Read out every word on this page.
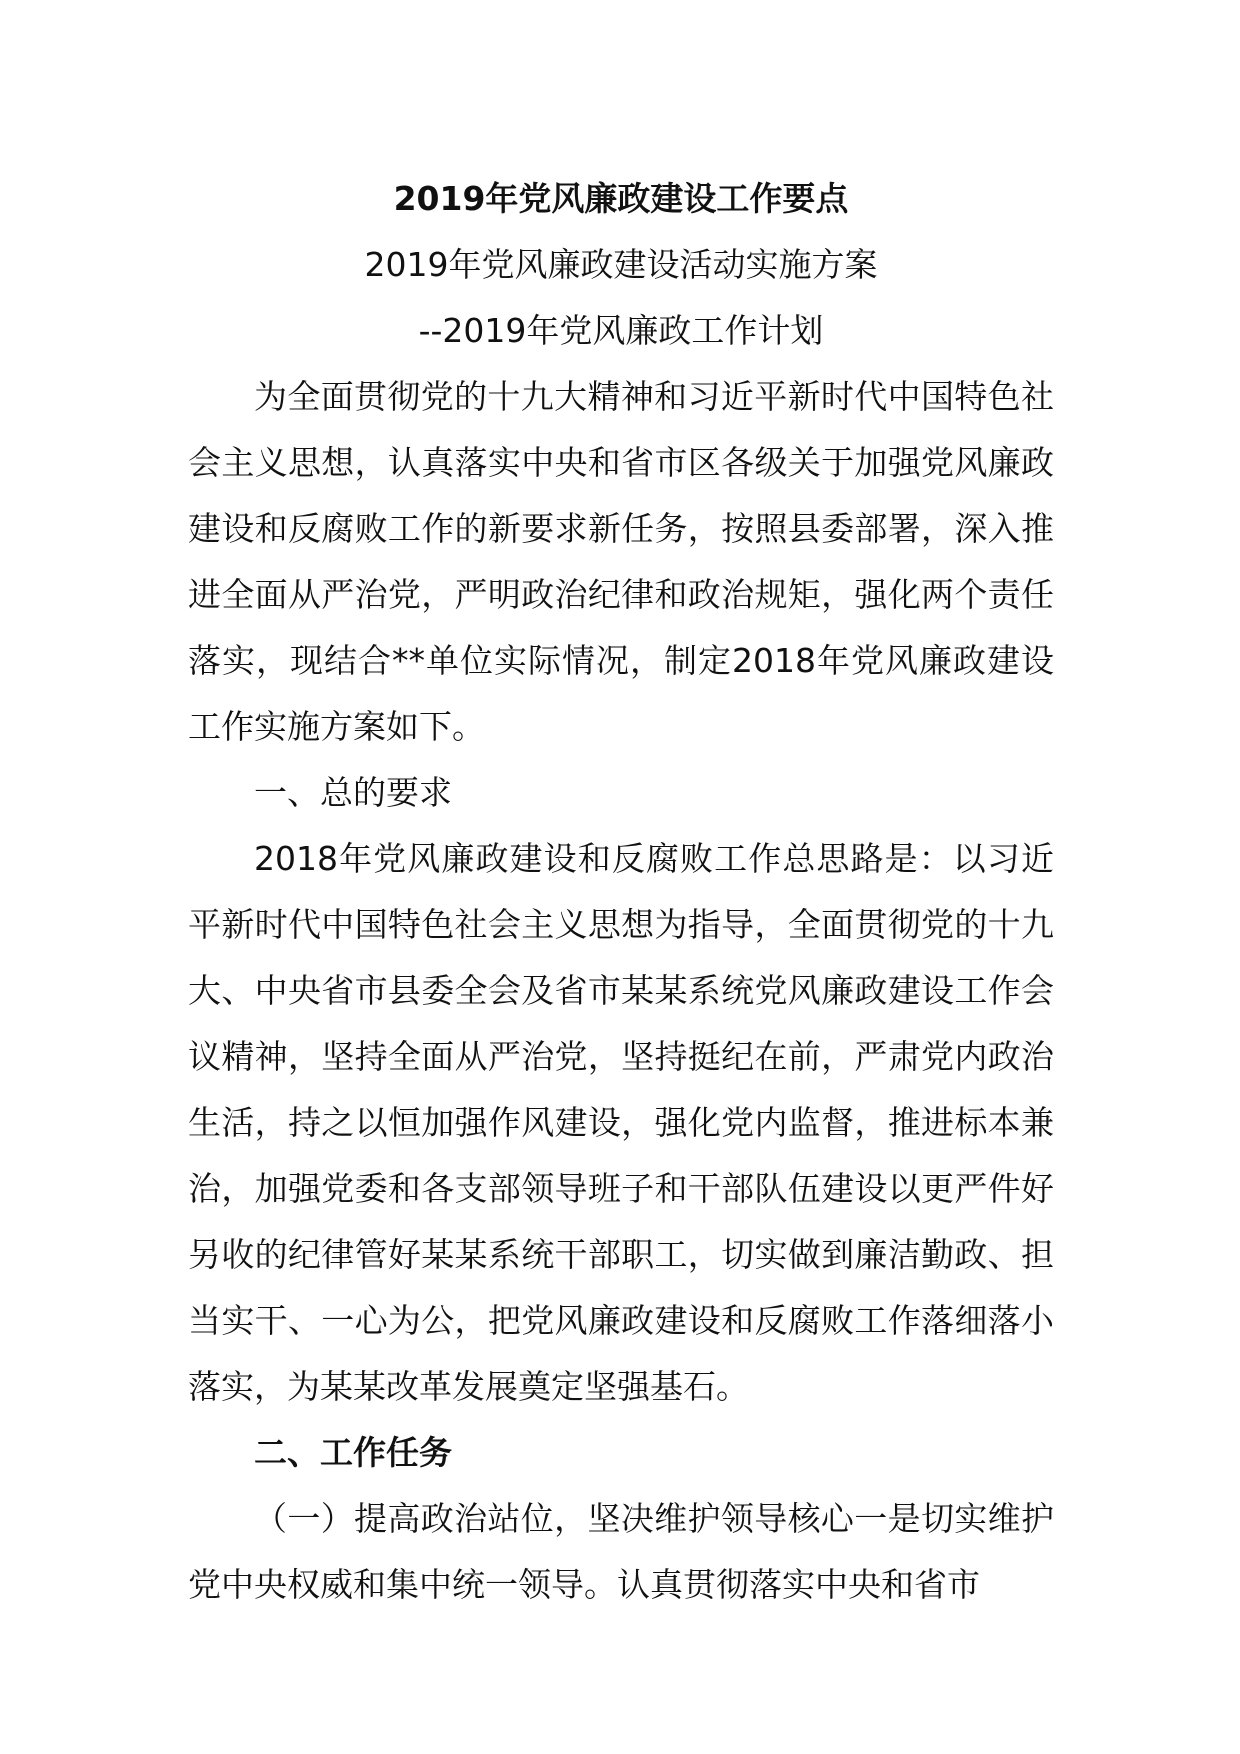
2019年党风廉政建设工作要点

2019年党风廉政建设活动实施方案

--2019年党风廉政工作计划

为全面贯彻党的十九大精神和习近平新时代中国特色社会主义思想，认真落实中央和省市区各级关于加强党风廉政建设和反腐败工作的新要求新任务，按照县委部署，深入推进全面从严治党，严明政治纪律和政治规矩，强化两个责任落实，现结合**单位实际情况，制定2018年党风廉政建设工作实施方案如下。

一、总的要求

2018年党风廉政建设和反腐败工作总思路是：以习近平新时代中国特色社会主义思想为指导，全面贯彻党的十九大、中央省市县委全会及省市某某系统党风廉政建设工作会议精神，坚持全面从严治党，坚持挺纪在前，严肃党内政治生活，持之以恒加强作风建设，强化党内监督，推进标本兼治，加强党委和各支部领导班子和干部队伍建设以更严件好另收的纪律管好某某系统干部职工，切实做到廉洁勤政、担当实干、一心为公，把党风廉政建设和反腐败工作落细落小落实，为某某改革发展奠定坚强基石。

二、工作任务

（一）提高政治站位，坚决维护领导核心一是切实维护党中央权威和集中统一领导。认真贯彻落实中央和省市
